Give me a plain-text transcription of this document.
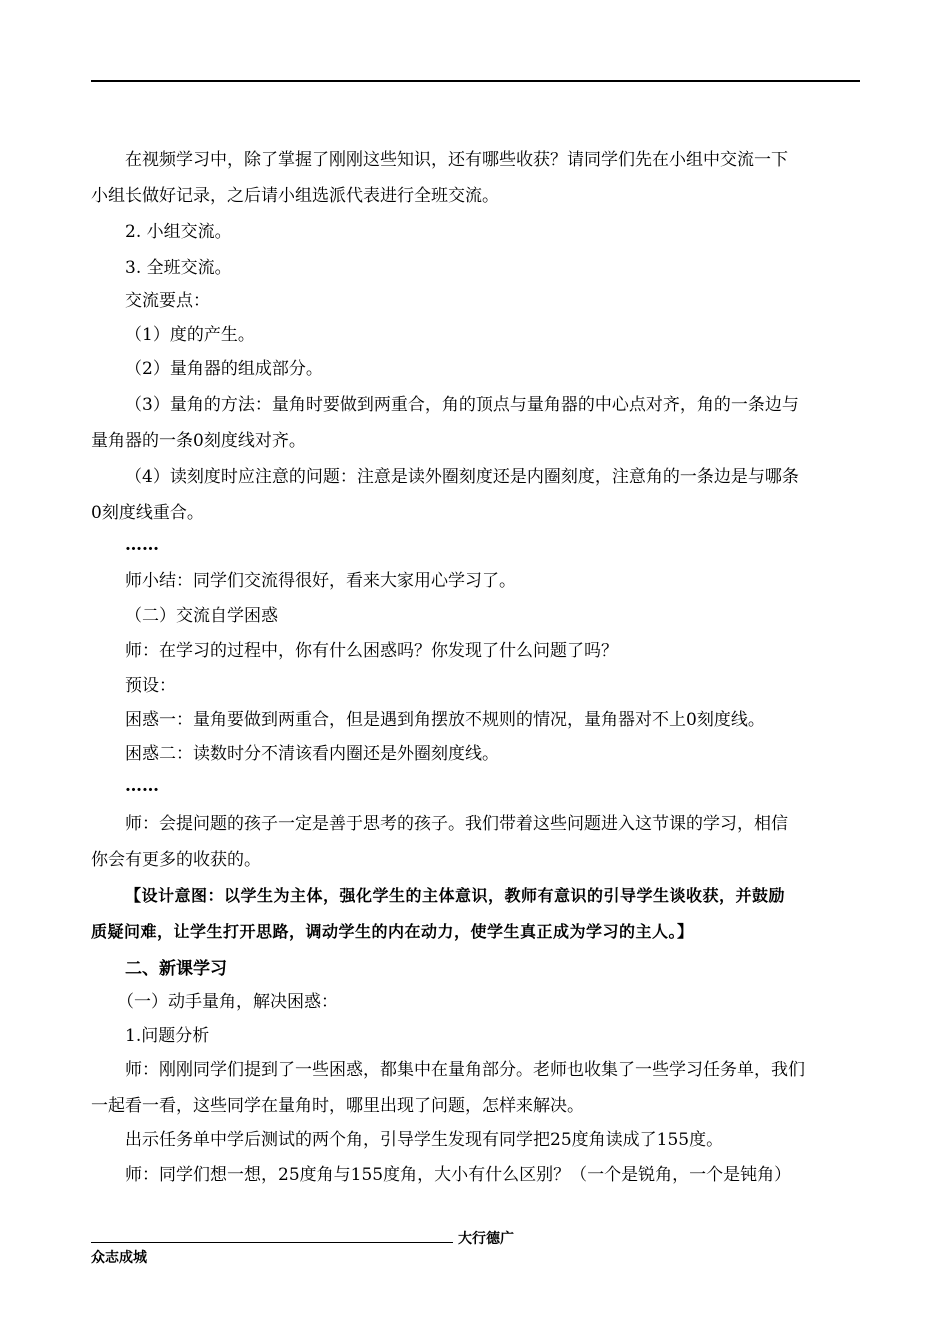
在视频学习中，除了掌握了刚刚这些知识，还有哪些收获？请同学们先在小组中交流一下
小组长做好记录，之后请小组选派代表进行全班交流。
2. 小组交流。
3. 全班交流。
交流要点：
（1）度的产生。
（2）量角器的组成部分。
（3）量角的方法：量角时要做到两重合，角的顶点与量角器的中心点对齐，角的一条边与
量角器的一条0刻度线对齐。
（4）读刻度时应注意的问题：注意是读外圈刻度还是内圈刻度，注意角的一条边是与哪条
0刻度线重合。
……
师小结：同学们交流得很好，看来大家用心学习了。
（二）交流自学困惑
师：在学习的过程中，你有什么困惑吗？你发现了什么问题了吗？
预设：
困惑一：量角要做到两重合，但是遇到角摆放不规则的情况，量角器对不上0刻度线。
困惑二：读数时分不清该看内圈还是外圈刻度线。
……
师：会提问题的孩子一定是善于思考的孩子。我们带着这些问题进入这节课的学习，相信
你会有更多的收获的。
【设计意图：以学生为主体，强化学生的主体意识，教师有意识的引导学生谈收获，并鼓励
质疑问难，让学生打开思路，调动学生的内在动力，使学生真正成为学习的主人。】
二、新课学习
（一）动手量角，解决困惑：
1.问题分析
师：刚刚同学们提到了一些困惑，都集中在量角部分。老师也收集了一些学习任务单，我们
一起看一看，这些同学在量角时，哪里出现了问题，怎样来解决。
出示任务单中学后测试的两个角，引导学生发现有同学把25度角读成了155度。
师：同学们想一想，25度角与155度角，大小有什么区别？（一个是锐角，一个是钝角）
大行德广
众志成城
